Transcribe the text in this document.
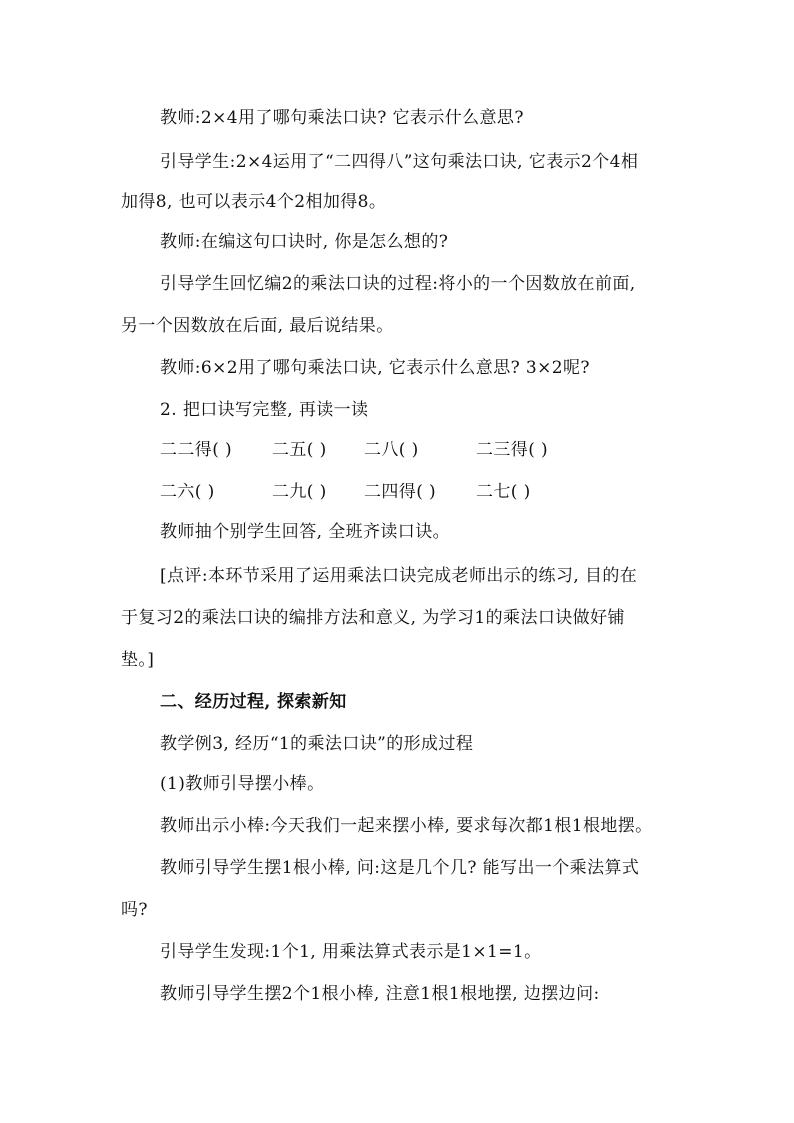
教师:2×4用了哪句乘法口诀? 它表示什么意思?

引导学生:2×4运用了“二四得八”这句乘法口诀, 它表示2个4相

加得8, 也可以表示4个2相加得8。

教师:在编这句口诀时, 你是怎么想的?

引导学生回忆编2的乘法口诀的过程:将小的一个因数放在前面,

另一个因数放在后面, 最后说结果。

教师:6×2用了哪句乘法口诀, 它表示什么意思? 3×2呢?

2. 把口诀写完整, 再读一读

二二得( ) 二五( ) 二八( )	二三得( )
二六( )	二九( ) 二四得( ) 二七( )

教师抽个别学生回答, 全班齐读口诀。

[点评:本环节采用了运用乘法口诀完成老师出示的练习, 目的在

于复习2的乘法口诀的编排方法和意义, 为学习1的乘法口诀做好铺

垫。]

二、经历过程, 探索新知

教学例3, 经历“1的乘法口诀”的形成过程

(1)教师引导摆小棒。

教师出示小棒:今天我们一起来摆小棒, 要求每次都1根1根地摆。

教师引导学生摆1根小棒, 问:这是几个几? 能写出一个乘法算式

吗?

引导学生发现:1个1, 用乘法算式表示是1×1=1。

教师引导学生摆2个1根小棒, 注意1根1根地摆, 边摆边问:
